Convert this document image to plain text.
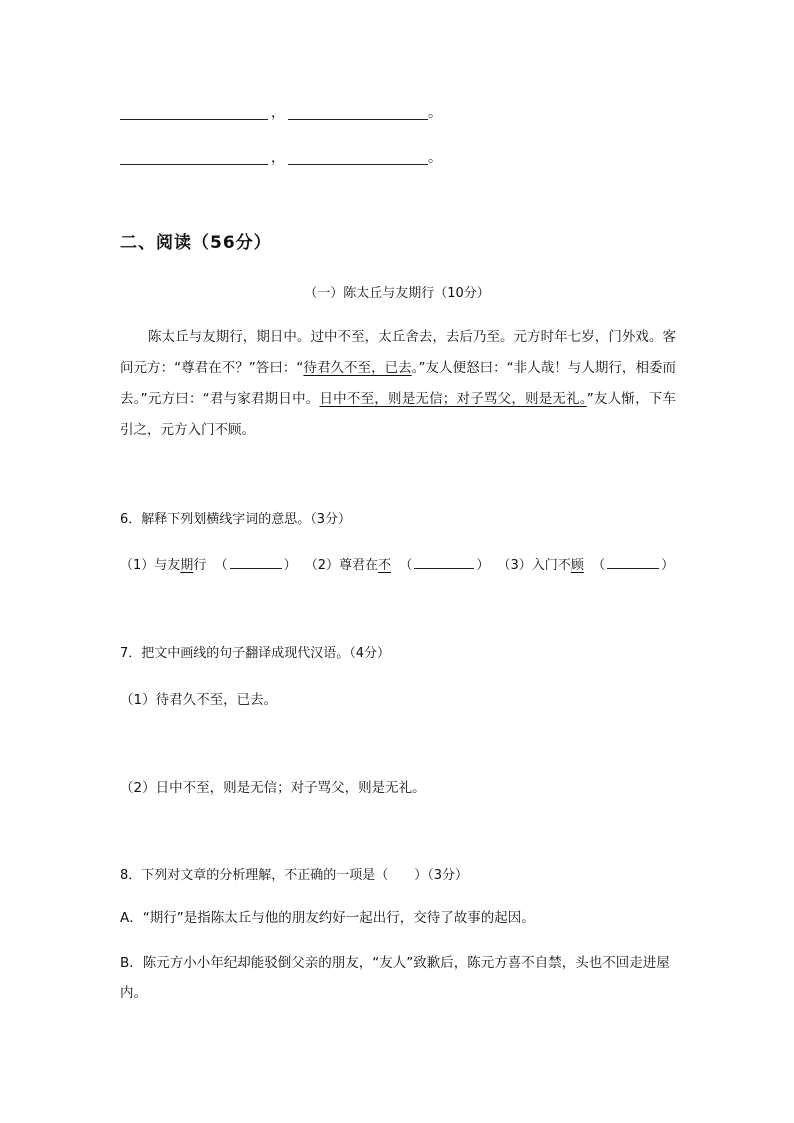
，	。
，	。
二、阅读（56分）
（一）陈太丘与友期行（10分）

陈太丘与友期行，期日中。过中不至，太丘舍去，去后乃至。元方时年七岁，门外戏。客问元方：“尊君在不？”答曰：“待君久不至，已去。”友人便怒曰：“非人哉！与人期行，相委而去。”元方曰：“君与家君期日中。日中不至，则是无信；对子骂父，则是无礼。”友人惭，下车引之，元方入门不顾。

6．解释下列划横线字词的意思。（3分）
（1）与友期行 （	） （2）尊君在不 （	） （3）入门不顾 （	）
7．把文中画线的句子翻译成现代汉语。（4分）
（1）待君久不至，已去。
（2）日中不至，则是无信；对子骂父，则是无礼。
8．下列对文章的分析理解，不正确的一项是（　　）（3分）
A．“期行”是指陈太丘与他的朋友约好一起出行，交待了故事的起因。
B．陈元方小小年纪却能驳倒父亲的朋友，“友人”致歉后，陈元方喜不自禁，头也不回走进屋内。
